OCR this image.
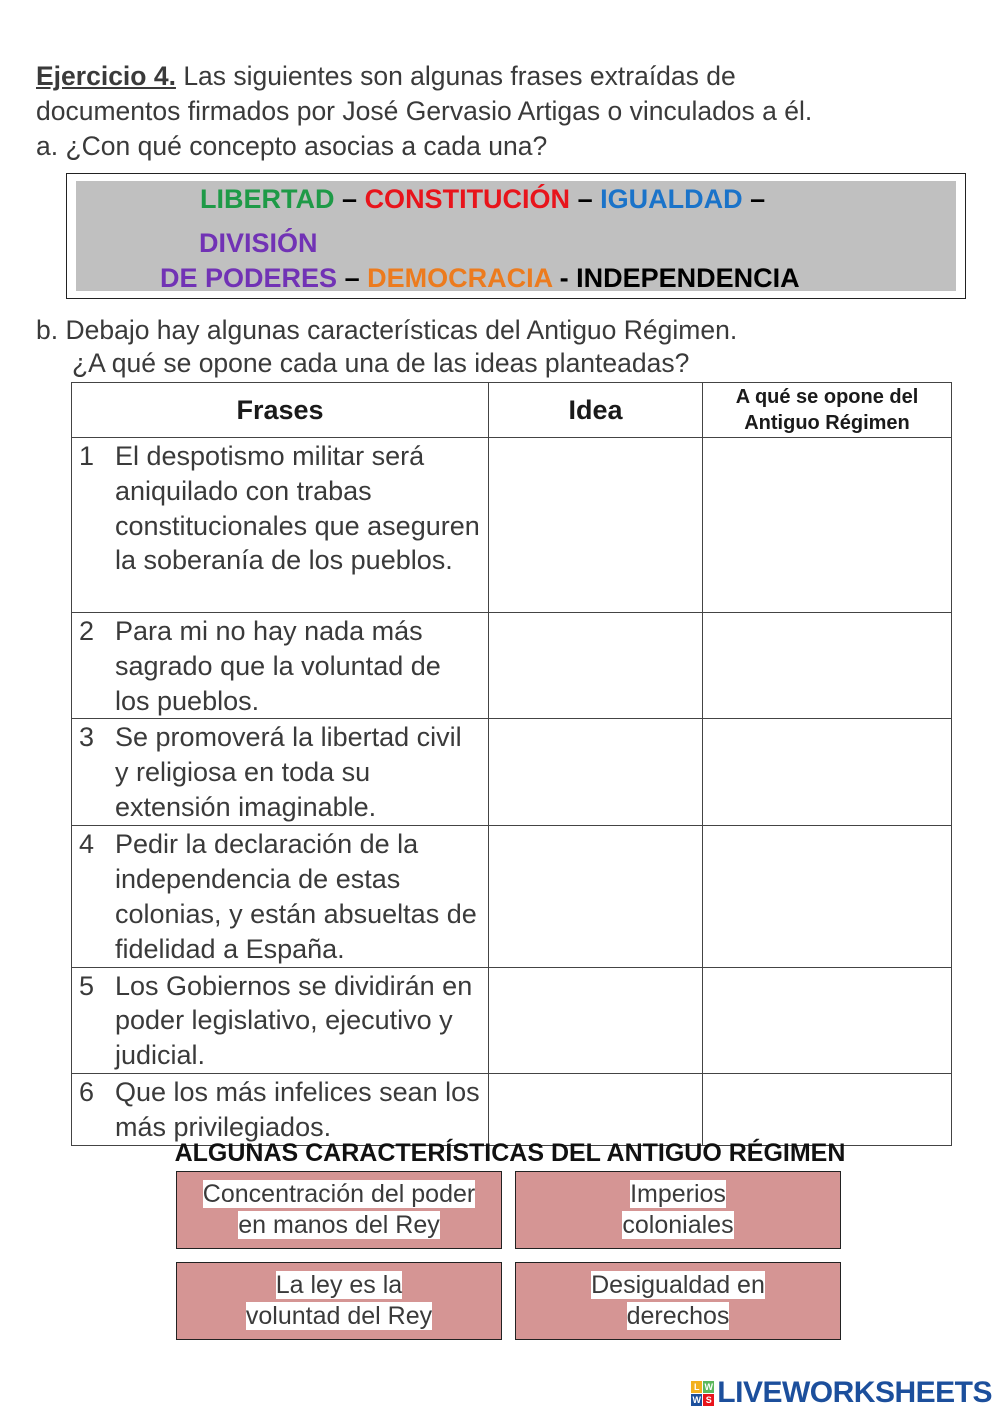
Ejercicio 4. Las siguientes son algunas frases extraídas de

documentos firmados por José Gervasio Artigas o vinculados a él.

a. ¿Con qué concepto asocias a cada una?

LIBERTAD – CONSTITUCIÓN – IGUALDAD –
DIVISIÓN
DE PODERES – DEMOCRACIA - INDEPENDENCIA

b. Debajo hay algunas características del Antiguo Régimen.

¿A qué se opone cada una de las ideas planteadas?

Frases	Idea	A qué se opone del Antiguo Régimen

1 El despotismo militar será aniquilado con trabas constitucionales que aseguren la soberanía de los pueblos.		

2 Para mi no hay nada más sagrado que la voluntad de los pueblos.		

3 Se promoverá la libertad civil y religiosa en toda su extensión imaginable.		

4 Pedir la declaración de la independencia de estas colonias, y están absueltas de fidelidad a España.		

5 Los Gobiernos se dividirán en poder legislativo, ejecutivo y judicial.		

6 Que los más infelices sean los más privilegiados.		

ALGUNAS CARACTERÍSTICAS DEL ANTIGUO RÉGIMEN
Concentración del poder
en manos del Rey
Imperios
coloniales
La ley es la
voluntad del Rey
Desigualdad en
derechos
L W
W S LIVEWORKSHEETS
